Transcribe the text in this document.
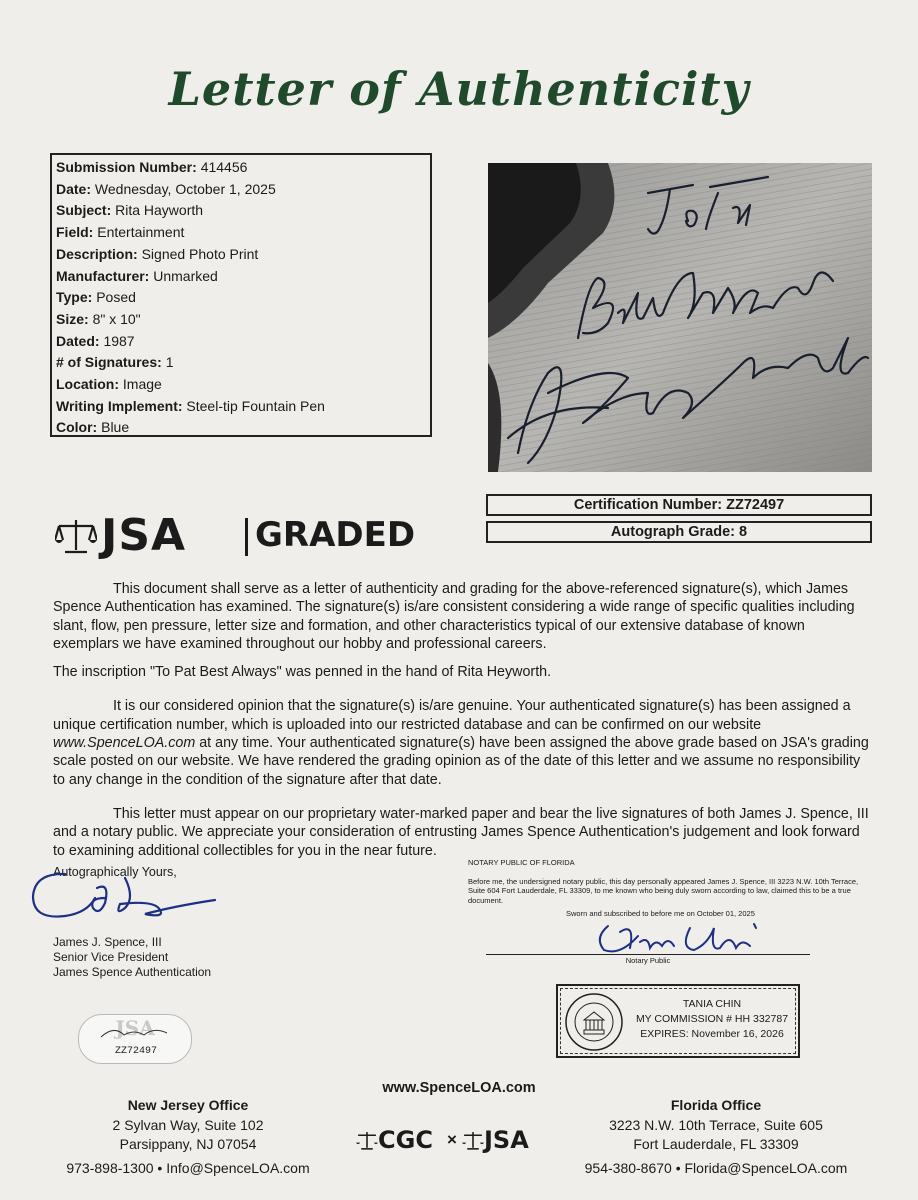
Letter of Authenticity
Submission Number: 414456
Date: Wednesday, October 1, 2025
Subject: Rita Hayworth
Field: Entertainment
Description: Signed Photo Print
Manufacturer: Unmarked
Type: Posed
Size: 8" x 10"
Dated: 1987
# of Signatures: 1
Location: Image
Writing Implement: Steel-tip Fountain Pen
Color: Blue
Certification Number: ZZ72497
Autograph Grade: 8
JSA GRADED

This document shall serve as a letter of authenticity and grading for the above-referenced signature(s), which James Spence Authentication has examined. The signature(s) is/are consistent considering a wide range of specific qualities including slant, flow, pen pressure, letter size and formation, and other characteristics typical of our extensive database of known exemplars we have examined throughout our hobby and professional careers.

The inscription "To Pat Best Always" was penned in the hand of Rita Heyworth.

It is our considered opinion that the signature(s) is/are genuine. Your authenticated signature(s) has been assigned a unique certification number, which is uploaded into our restricted database and can be confirmed on our website www.SpenceLOA.com at any time. Your authenticated signature(s) have been assigned the above grade based on JSA's grading scale posted on our website. We have rendered the grading opinion as of the date of this letter and we assume no responsibility to any change in the condition of the signature after that date.

This letter must appear on our proprietary water-marked paper and bear the live signatures of both James J. Spence, III and a notary public. We appreciate your consideration of entrusting James Spence Authentication's judgement and look forward to examining additional collectibles for you in the near future.

Autographically Yours,
James J. Spence, III
Senior Vice President
James Spence Authentication
NOTARY PUBLIC OF FLORIDA
Before me, the undersigned notary public, this day personally appeared James J. Spence, III 3223 N.W. 10th Terrace, Suite 604 Fort Lauderdale, FL 33309, to me known who being duly sworn according to law, claimed this to be a true document.
Sworn and subscribed to before me on October 01, 2025
Notary Public
TANIA CHIN
MY COMMISSION # HH 332787
EXPIRES: November 16, 2026
JSA
ZZ72497
www.SpenceLOA.com
New Jersey Office
2 Sylvan Way, Suite 102
Parsippany, NJ 07054
973-898-1300 • Info@SpenceLOA.com
Florida Office
3223 N.W. 10th Terrace, Suite 605
Fort Lauderdale, FL 33309
954-380-8670 • Florida@SpenceLOA.com
CGC × JSA
